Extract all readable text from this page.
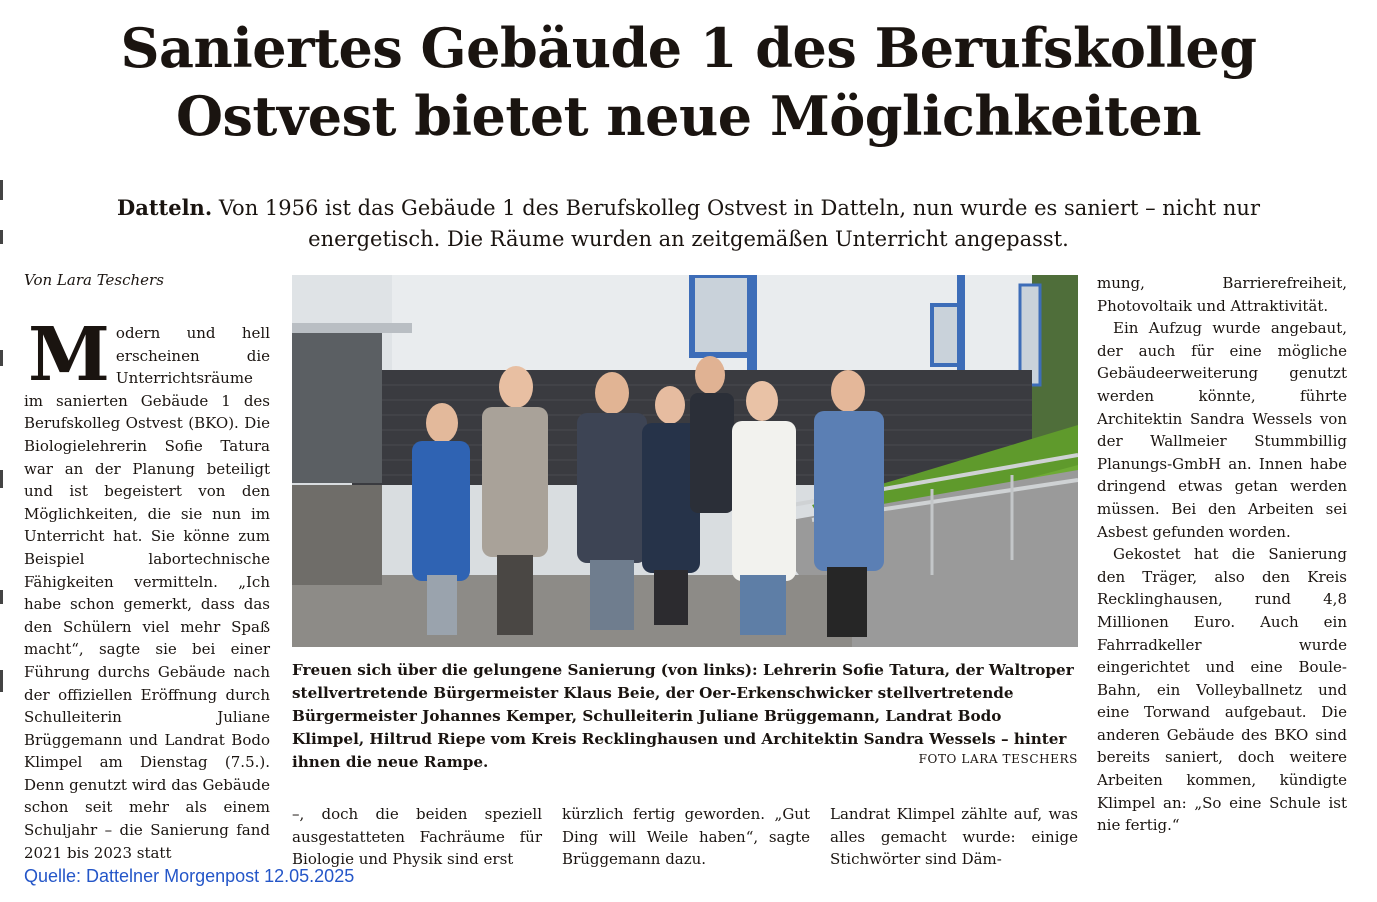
Saniertes Gebäude 1 des Berufskolleg
Ostvest bietet neue Möglichkeiten
Datteln. Von 1956 ist das Gebäude 1 des Berufskolleg Ostvest in Datteln, nun wurde es saniert – nicht nur energetisch. Die Räume wurden an zeitgemäßen Unterricht angepasst.
Von Lara Teschers
M odern und hell erscheinen die Unterrichtsräume im sanierten Gebäude 1 des Berufskolleg Ostvest (BKO). Die Biologielehrerin Sofie Tatura war an der Planung beteiligt und ist begeistert von den Möglichkeiten, die sie nun im Unterricht hat. Sie könne zum Beispiel labortechnische Fähigkeiten vermitteln. „Ich habe schon gemerkt, dass das den Schülern viel mehr Spaß macht“, sagte sie bei einer Führung durchs Gebäude nach der offiziellen Eröffnung durch Schulleiterin Juliane Brüggemann und Landrat Bodo Klimpel am Dienstag (7.5.). Denn genutzt wird das Gebäude schon seit mehr als einem Schuljahr – die Sanierung fand 2021 bis 2023 statt
Freuen sich über die gelungene Sanierung (von links): Lehrerin Sofie Tatura, der Waltroper stellvertretende Bürgermeister Klaus Beie, der Oer-Erkenschwicker stellvertretende Bürgermeister Johannes Kemper, Schulleiterin Juliane Brüggemann, Landrat Bodo Klimpel, Hiltrud Riepe vom Kreis Recklinghausen und Architektin Sandra Wessels – hinter ihnen die neue Rampe.	FOTO LARA TESCHERS
–, doch die beiden speziell ausgestatteten Fachräume für Biologie und Physik sind erst
kürzlich fertig geworden. „Gut Ding will Weile haben“, sagte Brüggemann dazu.
Landrat Klimpel zählte auf, was alles gemacht wurde: einige Stichwörter sind Däm-

mung, Barrierefreiheit, Photovoltaik und Attraktivität.

Ein Aufzug wurde angebaut, der auch für eine mögliche Gebäudeerweiterung genutzt werden könnte, führte Architektin Sandra Wessels von der Wallmeier Stummbillig Planungs-GmbH an. Innen habe dringend etwas getan werden müssen. Bei den Arbeiten sei Asbest gefunden worden.

Gekostet hat die Sanierung den Träger, also den Kreis Recklinghausen, rund 4,8 Millionen Euro. Auch ein Fahrradkeller wurde eingerichtet und eine Boule-Bahn, ein Volleyballnetz und eine Torwand aufgebaut. Die anderen Gebäude des BKO sind bereits saniert, doch weitere Arbeiten kommen, kündigte Klimpel an: „So eine Schule ist nie fertig.“

Quelle: Dattelner Morgenpost 12.05.2025
